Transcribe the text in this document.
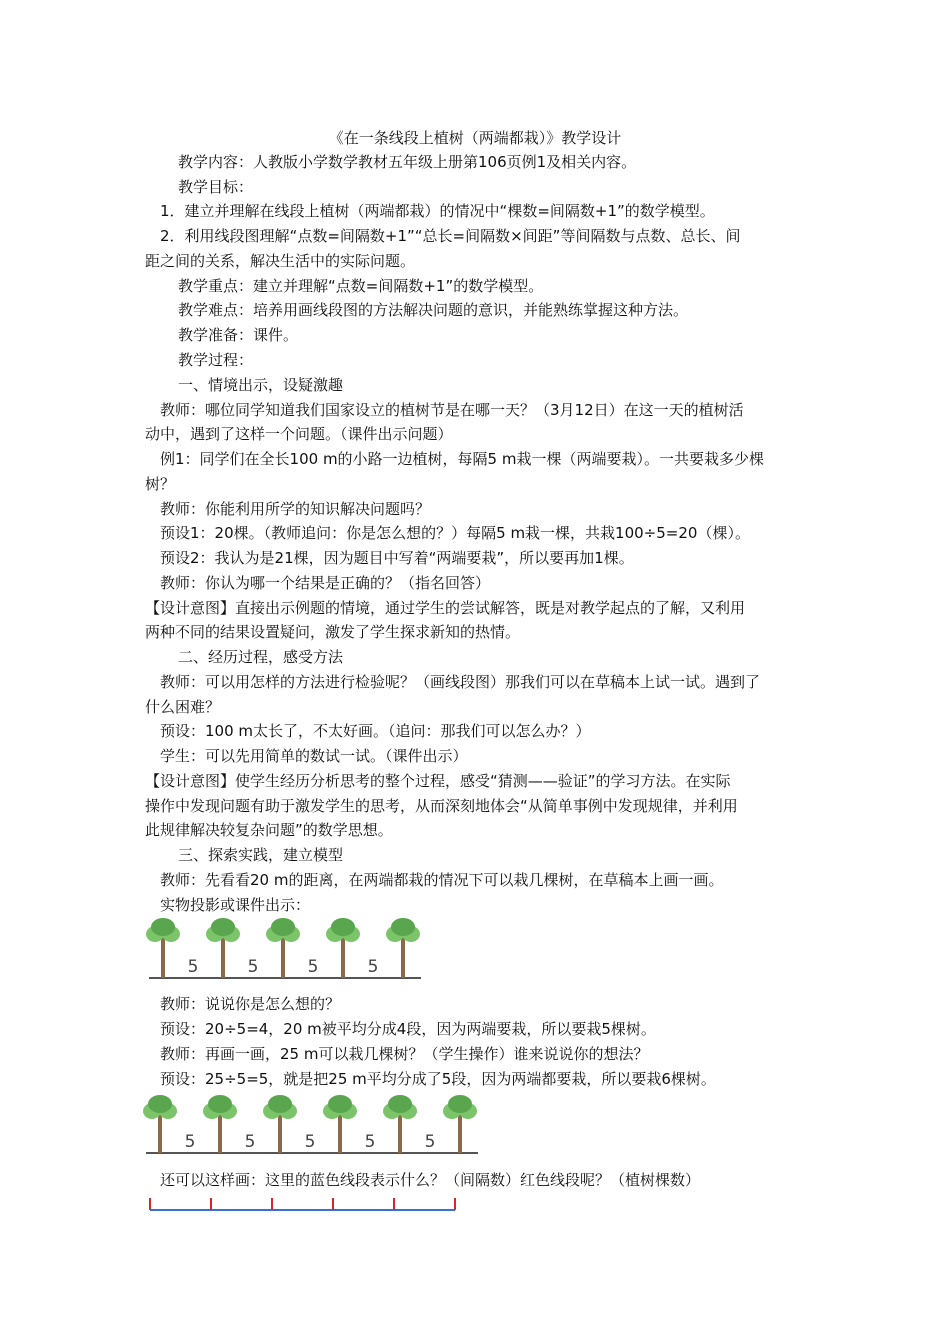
《在一条线段上植树（两端都栽）》教学设计
教学内容：人教版小学数学教材五年级上册第106页例1及相关内容。
教学目标：
1．建立并理解在线段上植树（两端都栽）的情况中“棵数=间隔数+1”的数学模型。
2．利用线段图理解“点数=间隔数+1”“总长=间隔数×间距”等间隔数与点数、总长、间
距之间的关系，解决生活中的实际问题。
教学重点：建立并理解“点数=间隔数+1”的数学模型。
教学难点：培养用画线段图的方法解决问题的意识，并能熟练掌握这种方法。
教学准备：课件。
教学过程：
一、情境出示，设疑激趣
教师：哪位同学知道我们国家设立的植树节是在哪一天？（3月12日）在这一天的植树活
动中，遇到了这样一个问题。（课件出示问题）
例1：同学们在全长100 m的小路一边植树，每隔5 m栽一棵（两端要栽）。一共要栽多少棵
树？
教师：你能利用所学的知识解决问题吗？
预设1：20棵。（教师追问：你是怎么想的？）每隔5 m栽一棵，共栽100÷5=20（棵）。
预设2：我认为是21棵，因为题目中写着“两端要栽”，所以要再加1棵。
教师：你认为哪一个结果是正确的？（指名回答）
【设计意图】直接出示例题的情境，通过学生的尝试解答，既是对教学起点的了解，又利用
两种不同的结果设置疑问，激发了学生探求新知的热情。
二、经历过程，感受方法
教师：可以用怎样的方法进行检验呢？（画线段图）那我们可以在草稿本上试一试。遇到了
什么困难？
预设：100 m太长了，不太好画。（追问：那我们可以怎么办？）
学生：可以先用简单的数试一试。（课件出示）
【设计意图】使学生经历分析思考的整个过程，感受“猜测——验证”的学习方法。在实际
操作中发现问题有助于激发学生的思考，从而深刻地体会“从简单事例中发现规律，并利用
此规律解决较复杂问题”的数学思想。
三、探索实践，建立模型
教师：先看看20 m的距离，在两端都栽的情况下可以栽几棵树，在草稿本上画一画。
实物投影或课件出示：
5	5	5	5
教师：说说你是怎么想的？
预设：20÷5=4，20 m被平均分成4段，因为两端要栽，所以要栽5棵树。
教师：再画一画，25 m可以栽几棵树？（学生操作）谁来说说你的想法？
预设：25÷5=5，就是把25 m平均分成了5段，因为两端都要栽，所以要栽6棵树。
5	5	5	5	5
还可以这样画：这里的蓝色线段表示什么？（间隔数）红色线段呢？（植树棵数）
